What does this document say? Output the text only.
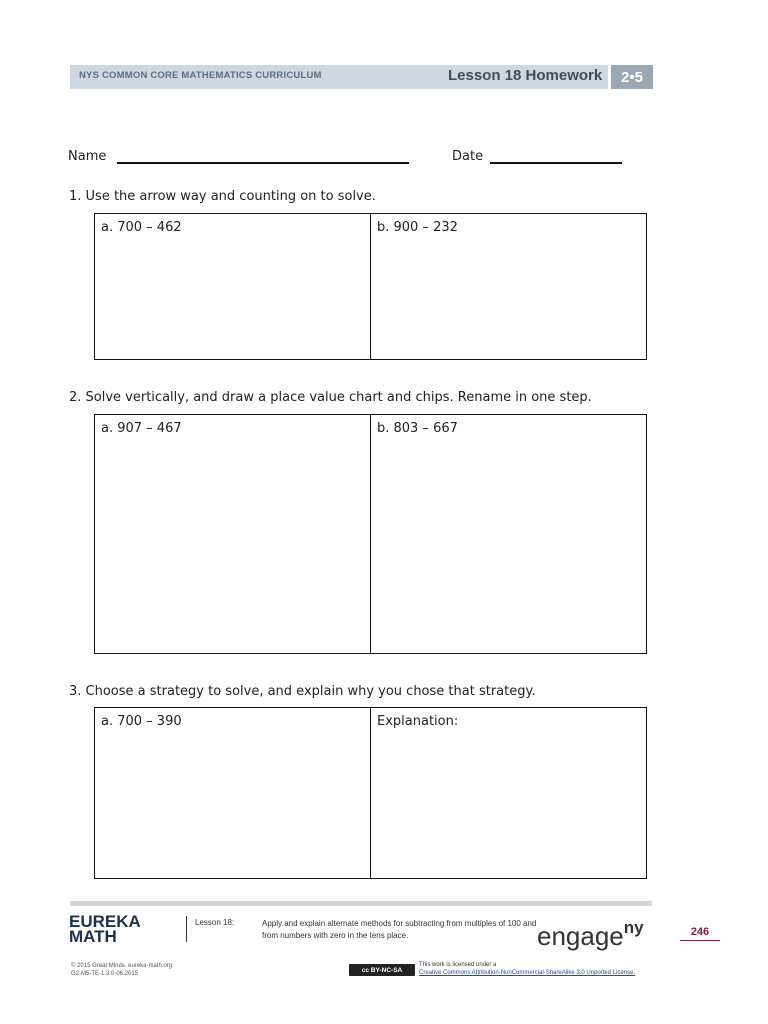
NYS COMMON CORE MATHEMATICS CURRICULUM	Lesson 18 Homework	2•5
Name	Date
1. Use the arrow way and counting on to solve.
a. 700 – 462	b. 900 – 232
2. Solve vertically, and draw a place value chart and chips. Rename in one step.
a. 907 – 467	b. 803 – 667
3. Choose a strategy to solve, and explain why you chose that strategy.
a. 700 – 390	Explanation:
EUREKA
MATH
Lesson 18:	Apply and explain alternate methods for subtracting from multiples of 100 and from numbers with zero in the tens place.	engage$^{ny}$	246
© 2015 Great Minds. eureka-math.org
G2-M5-TE-1.3.0-06.2015
cc BY-NC-SA
This work is licensed under a
Creative Commons Attribution-NonCommercial-ShareAlike 3.0 Unported License.
